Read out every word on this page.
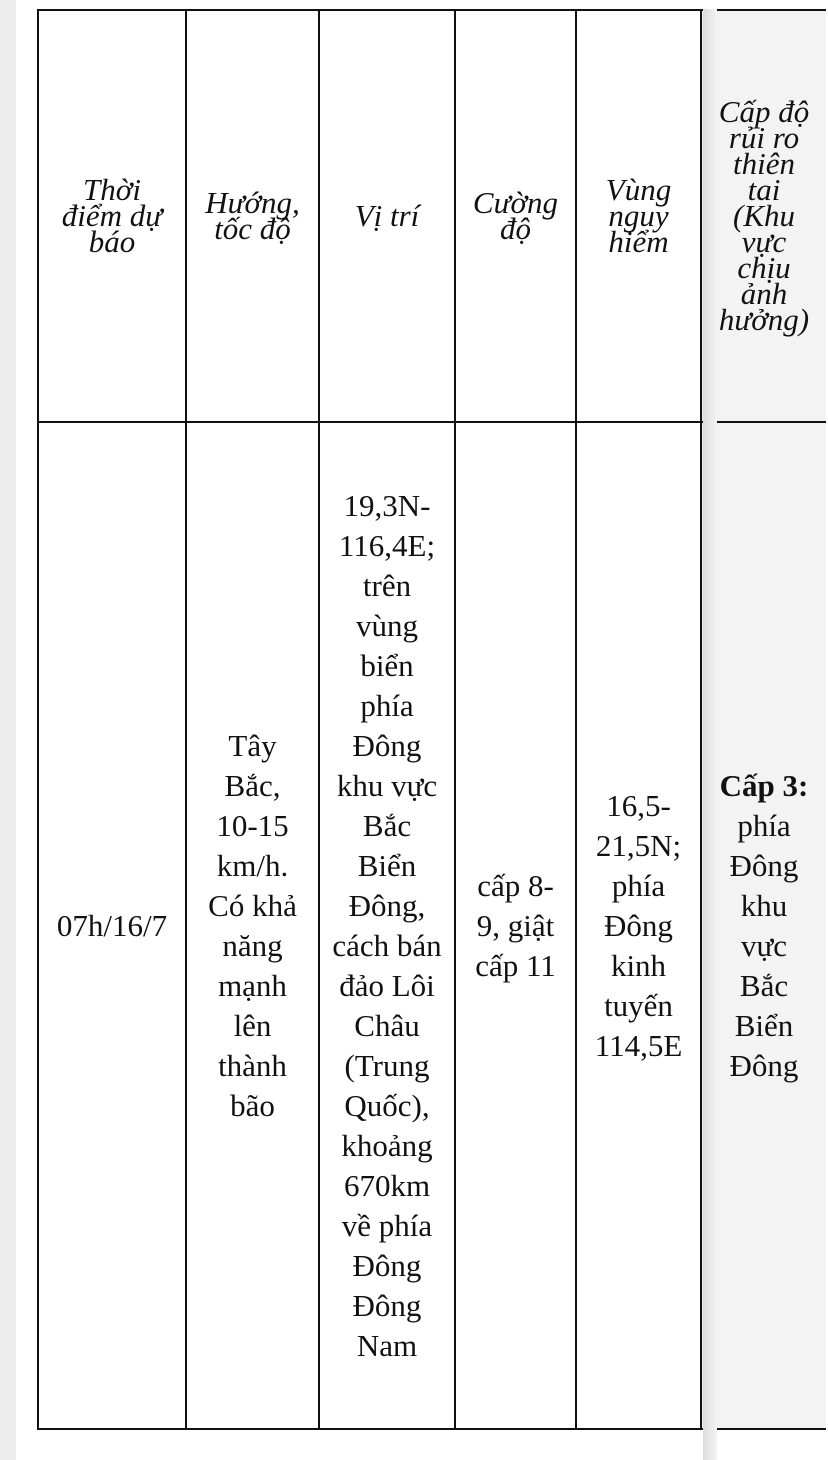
Thời điểm dự báo	Hướng, tốc độ	Vị trí	Cường độ	Vùng nguy hiểm	Cấp độ rủi ro thiên tai (Khu vực chịu ảnh hưởng)

07h/16/7	Tây Bắc, 10-15 km/h. Có khả năng mạnh lên thành bão	19,3N-116,4E; trên vùng biển phía Đông khu vực Bắc Biển Đông, cách bán đảo Lôi Châu (Trung Quốc), khoảng 670km về phía Đông Đông Nam	cấp 8-9, giật cấp 11	16,5-21,5N; phía Đông kinh tuyến 114,5E	Cấp 3: phía Đông khu vực Bắc Biển Đông
